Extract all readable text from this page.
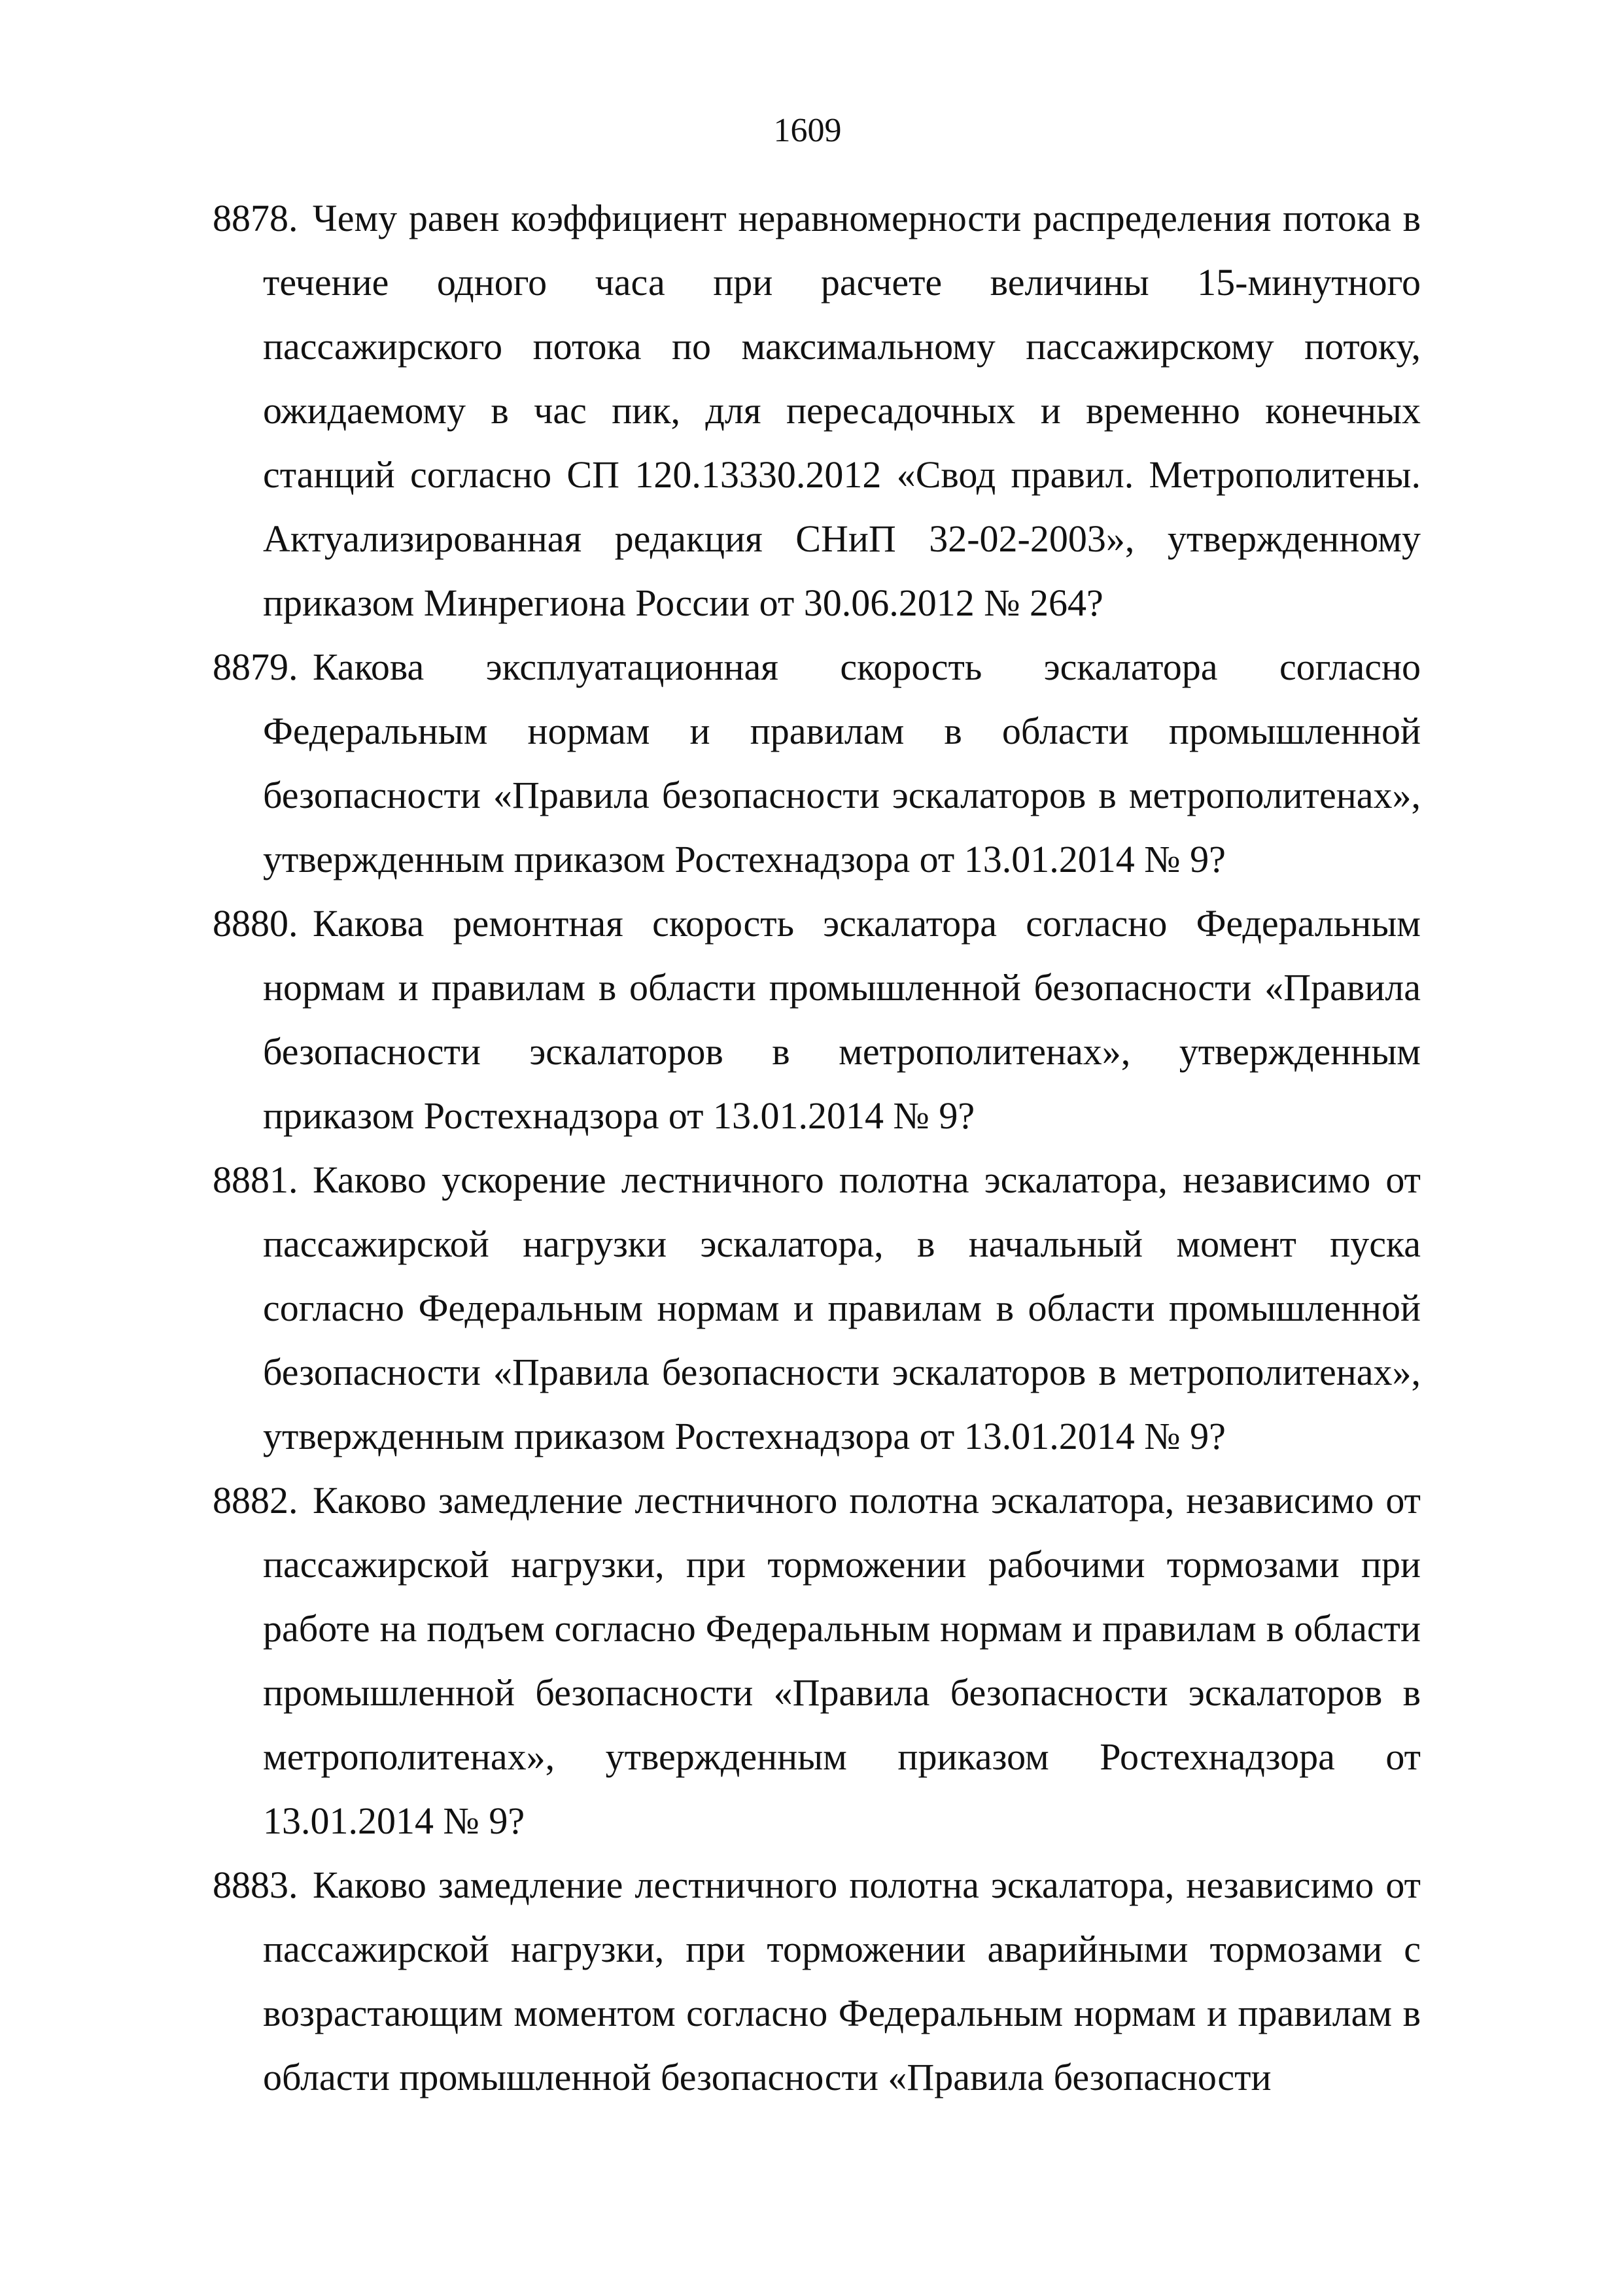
1609
8878. Чему равен коэффициент неравномерности распределения потока в течение одного часа при расчете величины 15-минутного пассажирского потока по максимальному пассажирскому потоку, ожидаемому в час пик, для пересадочных и временно конечных станций согласно СП 120.13330.2012 «Свод правил. Метрополитены. Актуализированная редакция СНиП 32-02-2003», утвержденному приказом Минрегиона России от 30.06.2012 № 264?
8879. Какова эксплуатационная скорость эскалатора согласно Федеральным нормам и правилам в области промышленной безопасности «Правила безопасности эскалаторов в метрополитенах», утвержденным приказом Ростехнадзора от 13.01.2014 № 9?
8880. Какова ремонтная скорость эскалатора согласно Федеральным нормам и правилам в области промышленной безопасности «Правила безопасности эскалаторов в метрополитенах», утвержденным приказом Ростехнадзора от 13.01.2014 № 9?
8881. Каково ускорение лестничного полотна эскалатора, независимо от пассажирской нагрузки эскалатора, в начальный момент пуска согласно Федеральным нормам и правилам в области промышленной безопасности «Правила безопасности эскалаторов в метрополитенах», утвержденным приказом Ростехнадзора от 13.01.2014 № 9?
8882. Каково замедление лестничного полотна эскалатора, независимо от пассажирской нагрузки, при торможении рабочими тормозами при работе на подъем согласно Федеральным нормам и правилам в области промышленной безопасности «Правила безопасности эскалаторов в метрополитенах», утвержденным приказом Ростехнадзора от 13.01.2014 № 9?
8883. Каково замедление лестничного полотна эскалатора, независимо от пассажирской нагрузки, при торможении аварийными тормозами с возрастающим моментом согласно Федеральным нормам и правилам в области промышленной безопасности «Правила безопасности
